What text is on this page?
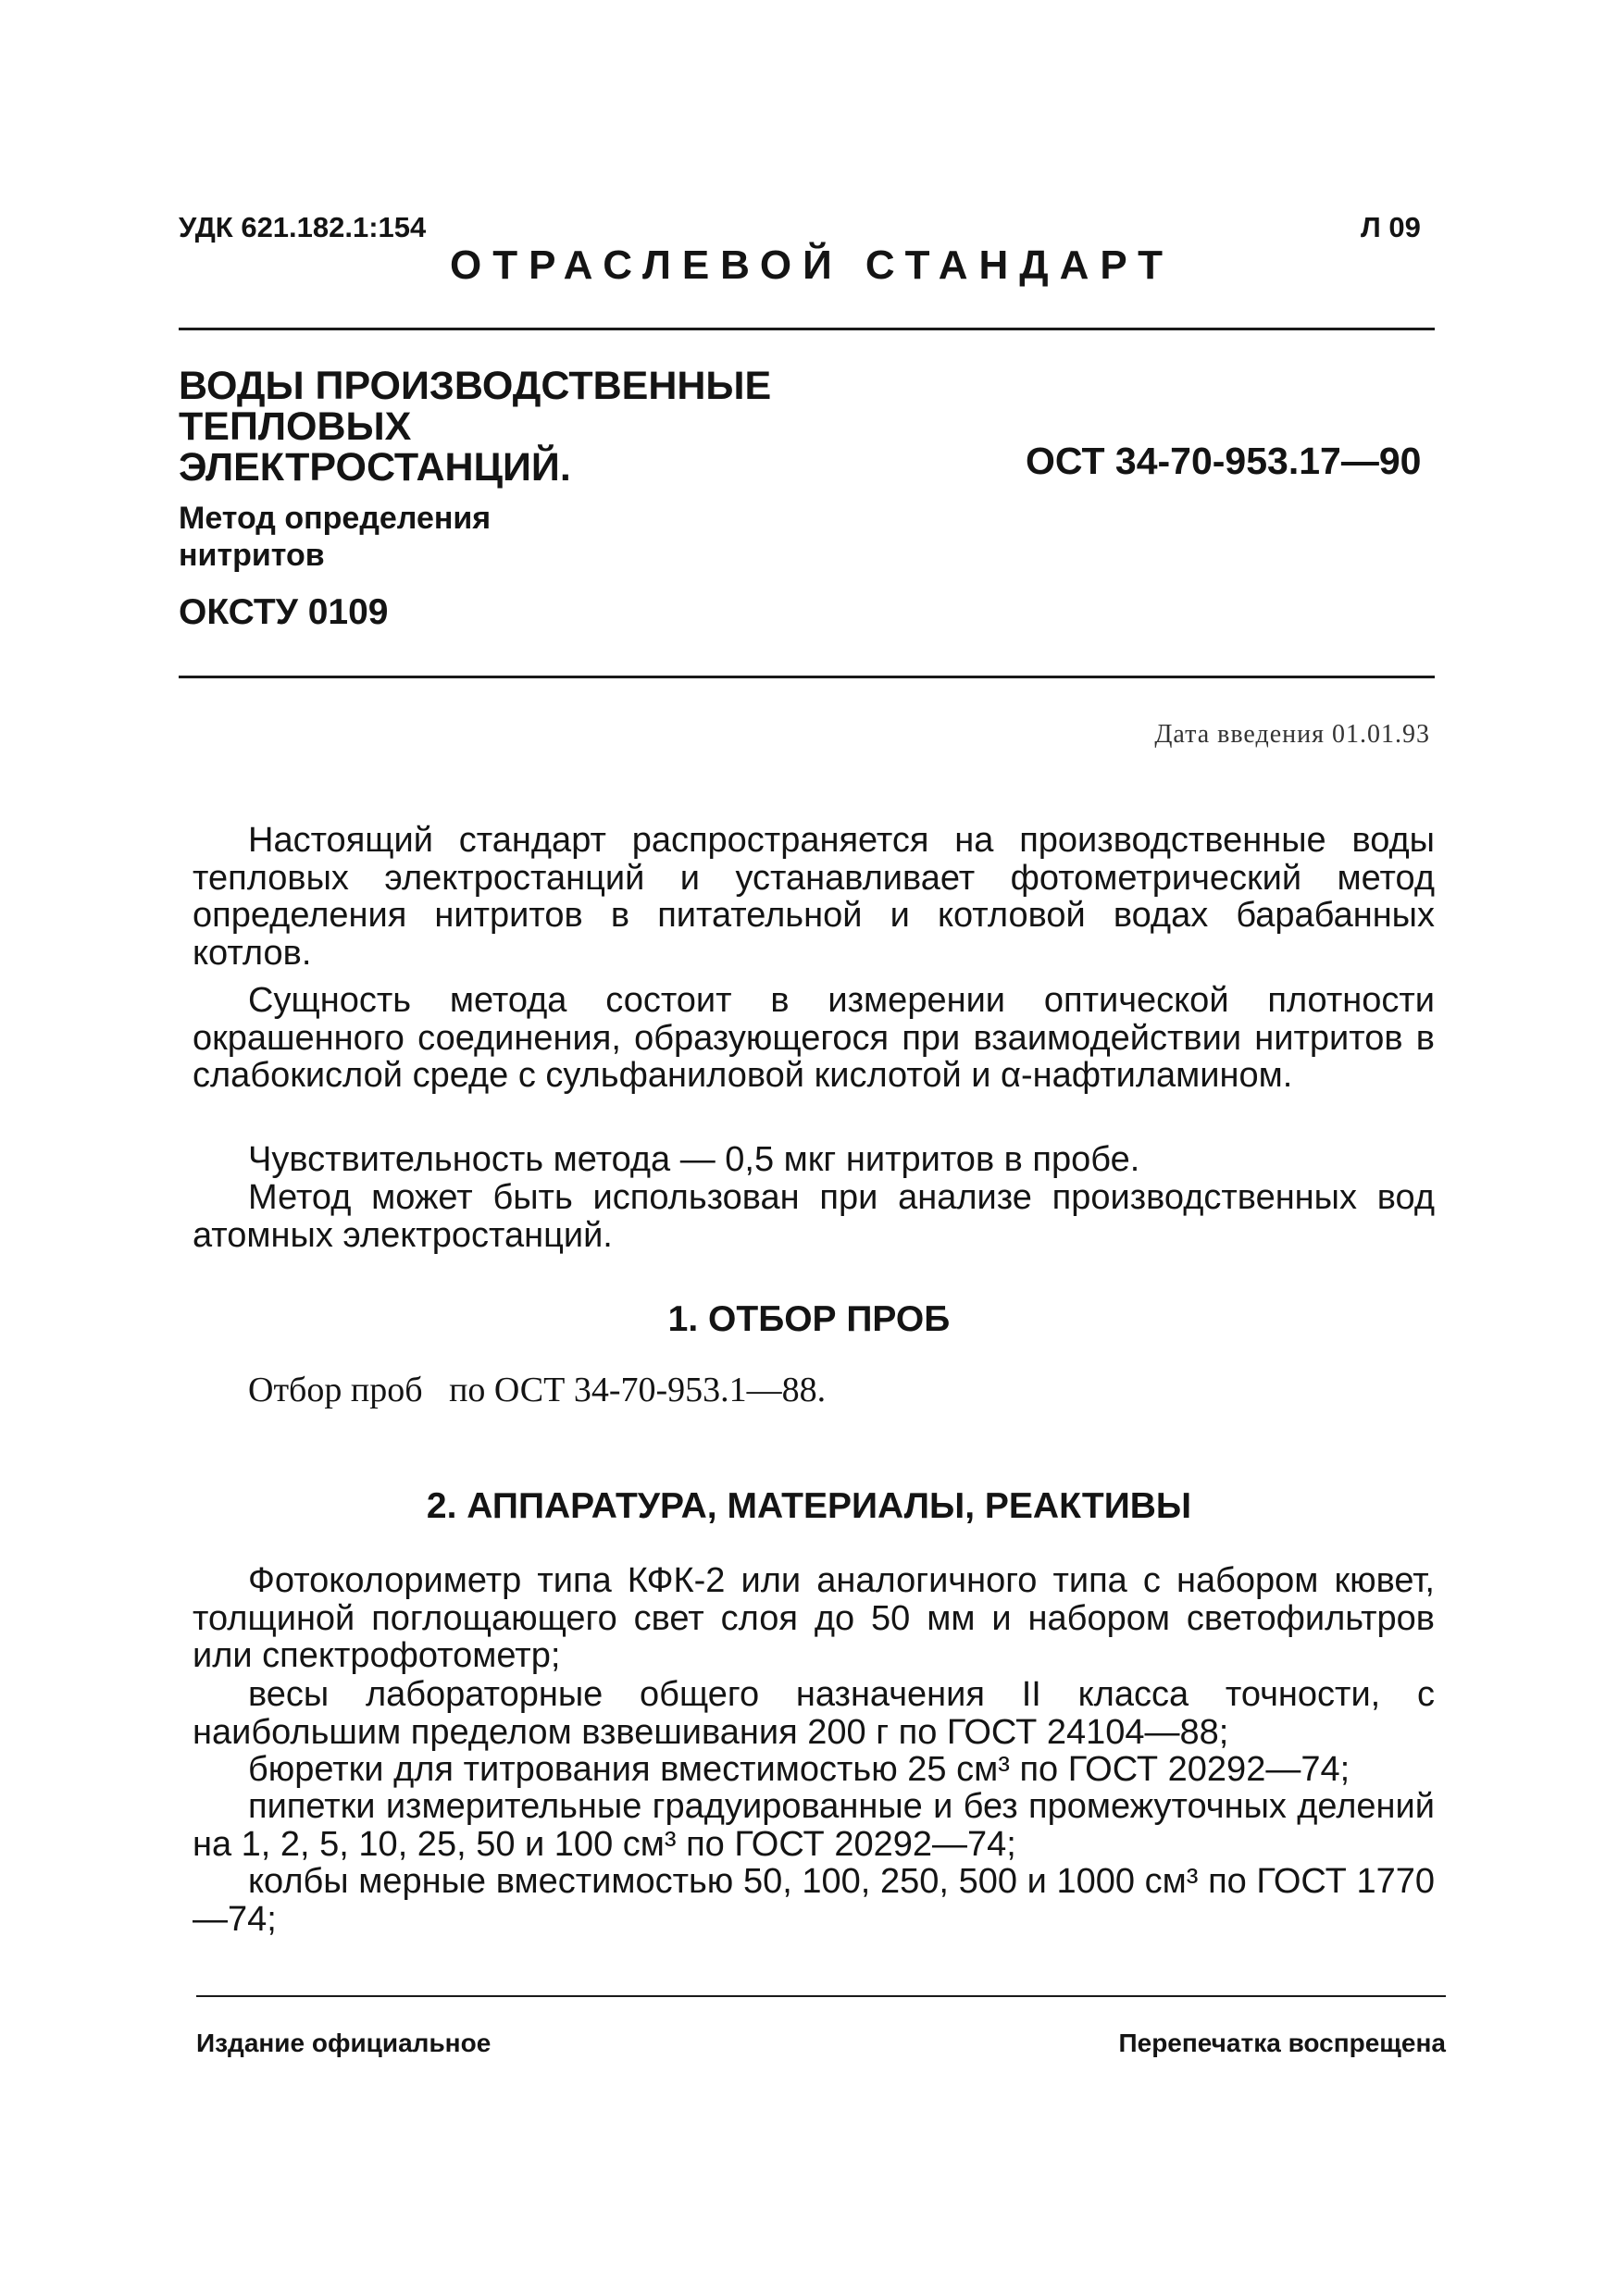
УДК 621.182.1:154	Л 09
ОТРАСЛЕВОЙ СТАНДАРТ
ВОДЫ ПРОИЗВОДСТВЕННЫЕ
ТЕПЛОВЫХ
ЭЛЕКТРОСТАНЦИЙ.	ОСТ 34-70-953.17—90
Метод определения
нитритов
ОКСТУ 0109
Дата введения 01.01.93

Настоящий стандарт распространяется на производственные воды тепловых электростанций и устанавливает фотометрический метод определения нитритов в питательной и котловой водах барабанных котлов.

Сущность метода состоит в измерении оптической плотности окрашенного соединения, образующегося при взаимодействии нитритов в слабокислой среде с сульфаниловой кислотой и α-нафтиламином.

Чувствительность метода — 0,5 мкг нитритов в пробе.

Метод может быть использован при анализе производственных вод атомных электростанций.

1. ОТБОР ПРОБ
Отбор проб по ОСТ 34-70-953.1—88.
2. АППАРАТУРА, МАТЕРИАЛЫ, РЕАКТИВЫ

Фотоколориметр типа КФК-2 или аналогичного типа с набором кювет, толщиной поглощающего свет слоя до 50 мм и набором светофильтров или спектрофотометр;

весы лабораторные общего назначения II класса точности, с наибольшим пределом взвешивания 200 г по ГОСТ 24104—88;

бюретки для титрования вместимостью 25 см³ по ГОСТ 20292—74;

пипетки измерительные градуированные и без промежуточных делений на 1, 2, 5, 10, 25, 50 и 100 см³ по ГОСТ 20292—74;

колбы мерные вместимостью 50, 100, 250, 500 и 1000 см³ по ГОСТ 1770—74;

Издание официальное	Перепечатка воспрещена
